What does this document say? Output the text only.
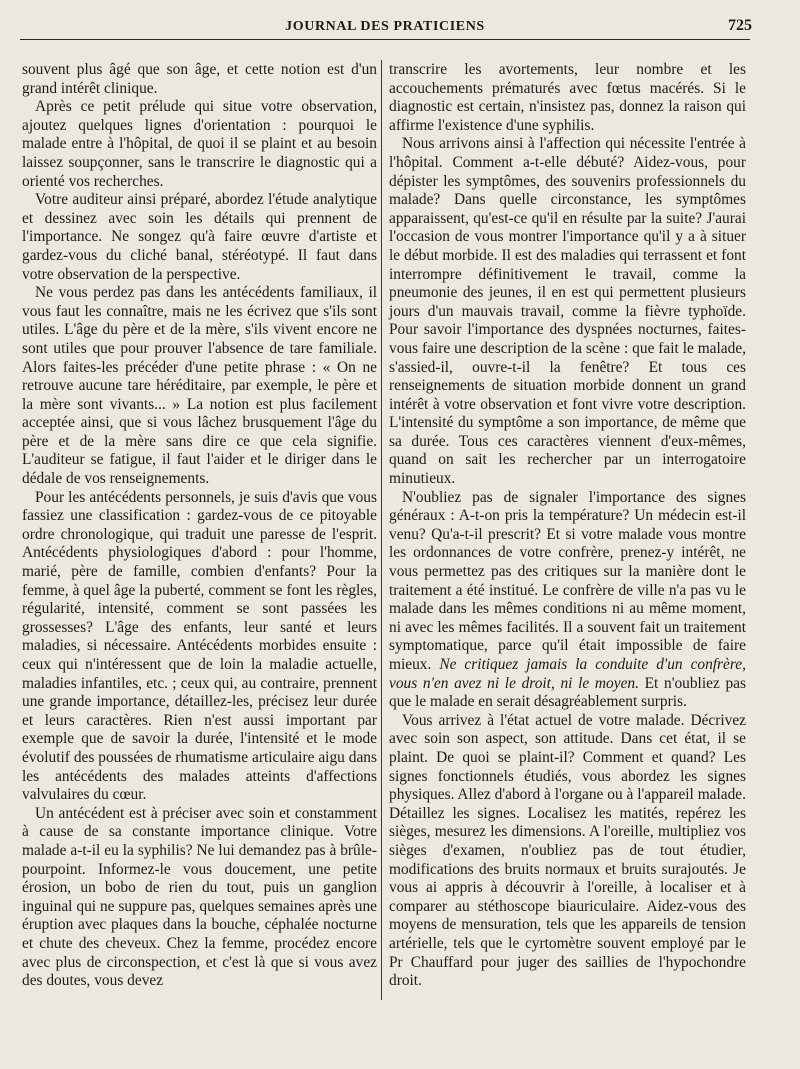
JOURNAL DES PRATICIENS	725

souvent plus âgé que son âge, et cette notion est d'un grand intérêt clinique.

Après ce petit prélude qui situe votre observation, ajoutez quelques lignes d'orientation : pourquoi le malade entre à l'hôpital, de quoi il se plaint et au besoin laissez soupçonner, sans le transcrire le diagnostic qui a orienté vos recherches.

Votre auditeur ainsi préparé, abordez l'étude analytique et dessinez avec soin les détails qui prennent de l'importance. Ne songez qu'à faire œuvre d'artiste et gardez-vous du cliché banal, stéréotypé. Il faut dans votre observation de la perspective.

Ne vous perdez pas dans les antécédents familiaux, il vous faut les connaître, mais ne les écrivez que s'ils sont utiles. L'âge du père et de la mère, s'ils vivent encore ne sont utiles que pour prouver l'absence de tare familiale. Alors faites-les précéder d'une petite phrase : « On ne retrouve aucune tare héréditaire, par exemple, le père et la mère sont vivants... » La notion est plus facilement acceptée ainsi, que si vous lâchez brusquement l'âge du père et de la mère sans dire ce que cela signifie. L'auditeur se fatigue, il faut l'aider et le diriger dans le dédale de vos renseignements.

Pour les antécédents personnels, je suis d'avis que vous fassiez une classification : gardez-vous de ce pitoyable ordre chronologique, qui traduit une paresse de l'esprit. Antécédents physiologiques d'abord : pour l'homme, marié, père de famille, combien d'enfants? Pour la femme, à quel âge la puberté, comment se font les règles, régularité, intensité, comment se sont passées les grossesses? L'âge des enfants, leur santé et leurs maladies, si nécessaire. Antécédents morbides ensuite : ceux qui n'intéressent que de loin la maladie actuelle, maladies infantiles, etc. ; ceux qui, au contraire, prennent une grande importance, détaillez-les, précisez leur durée et leurs caractères. Rien n'est aussi important par exemple que de savoir la durée, l'intensité et le mode évolutif des poussées de rhumatisme articulaire aigu dans les antécédents des malades atteints d'affections valvulaires du cœur.

Un antécédent est à préciser avec soin et constamment à cause de sa constante importance clinique. Votre malade a-t-il eu la syphilis? Ne lui demandez pas à brûle-pourpoint. Informez-le vous doucement, une petite érosion, un bobo de rien du tout, puis un ganglion inguinal qui ne suppure pas, quelques semaines après une éruption avec plaques dans la bouche, céphalée nocturne et chute des cheveux. Chez la femme, procédez encore avec plus de circonspection, et c'est là que si vous avez des doutes, vous devez

transcrire les avortements, leur nombre et les accouchements prématurés avec fœtus macérés. Si le diagnostic est certain, n'insistez pas, donnez la raison qui affirme l'existence d'une syphilis.

Nous arrivons ainsi à l'affection qui nécessite l'entrée à l'hôpital. Comment a-t-elle débuté? Aidez-vous, pour dépister les symptômes, des souvenirs professionnels du malade? Dans quelle circonstance, les symptômes apparaissent, qu'est-ce qu'il en résulte par la suite? J'aurai l'occasion de vous montrer l'importance qu'il y a à situer le début morbide. Il est des maladies qui terrassent et font interrompre définitivement le travail, comme la pneumonie des jeunes, il en est qui permettent plusieurs jours d'un mauvais travail, comme la fièvre typhoïde. Pour savoir l'importance des dyspnées nocturnes, faites-vous faire une description de la scène : que fait le malade, s'assied-il, ouvre-t-il la fenêtre? Et tous ces renseignements de situation morbide donnent un grand intérêt à votre observation et font vivre votre description. L'intensité du symptôme a son importance, de même que sa durée. Tous ces caractères viennent d'eux-mêmes, quand on sait les rechercher par un interrogatoire minutieux.

N'oubliez pas de signaler l'importance des signes généraux : A-t-on pris la température? Un médecin est-il venu? Qu'a-t-il prescrit? Et si votre malade vous montre les ordonnances de votre confrère, prenez-y intérêt, ne vous permettez pas des critiques sur la manière dont le traitement a été institué. Le confrère de ville n'a pas vu le malade dans les mêmes conditions ni au même moment, ni avec les mêmes facilités. Il a souvent fait un traitement symptomatique, parce qu'il était impossible de faire mieux. Ne critiquez jamais la conduite d'un confrère, vous n'en avez ni le droit, ni le moyen. Et n'oubliez pas que le malade en serait désagréablement surpris.

Vous arrivez à l'état actuel de votre malade. Décrivez avec soin son aspect, son attitude. Dans cet état, il se plaint. De quoi se plaint-il? Comment et quand? Les signes fonctionnels étudiés, vous abordez les signes physiques. Allez d'abord à l'organe ou à l'appareil malade. Détaillez les signes. Localisez les matités, repérez les sièges, mesurez les dimensions. A l'oreille, multipliez vos sièges d'examen, n'oubliez pas de tout étudier, modifications des bruits normaux et bruits surajoutés. Je vous ai appris à découvrir à l'oreille, à localiser et à comparer au stéthoscope biauriculaire. Aidez-vous des moyens de mensuration, tels que les appareils de tension artérielle, tels que le cyrtomètre souvent employé par le Pr Chauffard pour juger des saillies de l'hypochondre droit.
